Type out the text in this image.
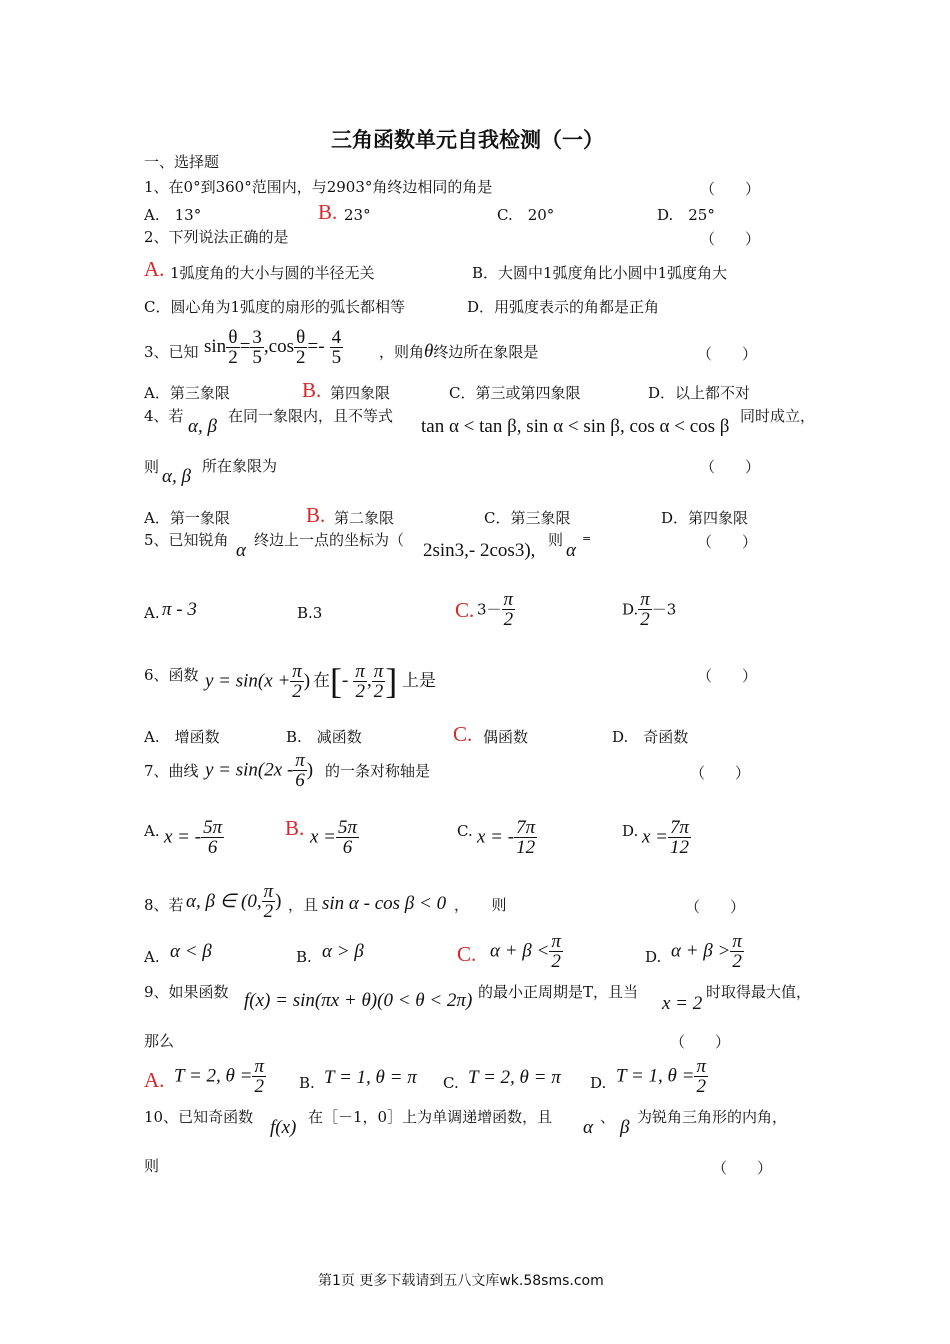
三角函数单元自我检测（一）
一、选择题
1、在0°到360°范围内，与2903°角终边相同的角是	（　　）
A.　13°	B. 23°	C.　20°	D.　25°
2、下列说法正确的是	（　　）
A. 1弧度角的大小与圆的半径无关	B．大圆中1弧度角比小圆中1弧度角大
C．圆心角为1弧度的扇形的弧长都相等	D．用弧度表示的角都是正角
3、已知 $\sin \frac{\theta}{2} = \frac{3}{5} ,\cos \frac{\theta}{2} =- \frac{4}{5}$ ，则角θ终边所在象限是	（　　）
A．第三象限	B. 第四象限	C．第三或第四象限	D．以上都不对
4、若 α, β 在同一象限内，且不等式 tan α < tan β, sin α < sin β, cos α < cos β 同时成立，
则 α, β 所在象限为	（　　）
A．第一象限	B. 第二象限	C．第三象限	D．第四象限
5、已知锐角 α 终边上一点的坐标为（ 2sin3,- 2cos3), 则 α
=	（　　）
A. π - 3	B.3	C. $3- \frac{\pi}{2}$	D. $\frac{\pi}{2} -3$
6、函数 $y = \sin(x + \frac{\pi}{2}$ ) 在 [- $\frac{\pi}{2}$ , $\frac{\pi}{2}$ ] 上是	（　　）
A.　增函数	B.　减函数	C. 偶函数	D.　奇函数
7、曲线 $y = \sin(2x - \frac{\pi}{6}$ ) 的一条对称轴是	（　　）
A. x = - $\frac{5\pi}{6}$	B. $x = \frac{5\pi}{6}$	C. x = - $\frac{7\pi}{12}$	D. $x = \frac{7\pi}{12}$
8、若 α, β ∈ (0, $\frac{\pi}{2}$ ) ，且 sin α - cos β < 0 ，　　则	（　　）
A. α < β	B. α > β	C. $\alpha + \beta < \frac{\pi}{2}$	D. $\alpha + \beta > \frac{\pi}{2}$
9、如果函数 f(x) = sin(πx + θ)(0 < θ < 2π) 的最小正周期是T，且当
x = 2
时取得最大值，
那么	（　　）
A. T = 2, $\theta = \frac{\pi}{2} B$. T = 1, θ = π C. T = 2, θ = π D. T = 1, $\theta = \frac{\pi}{2}$
10、已知奇函数 f(x) 在［－1，0］上为单调递增函数，且 α 、 β 为锐角三角形的内角，
则	（　　）
第1页 更多下载请到五八文库wk.58sms.com
